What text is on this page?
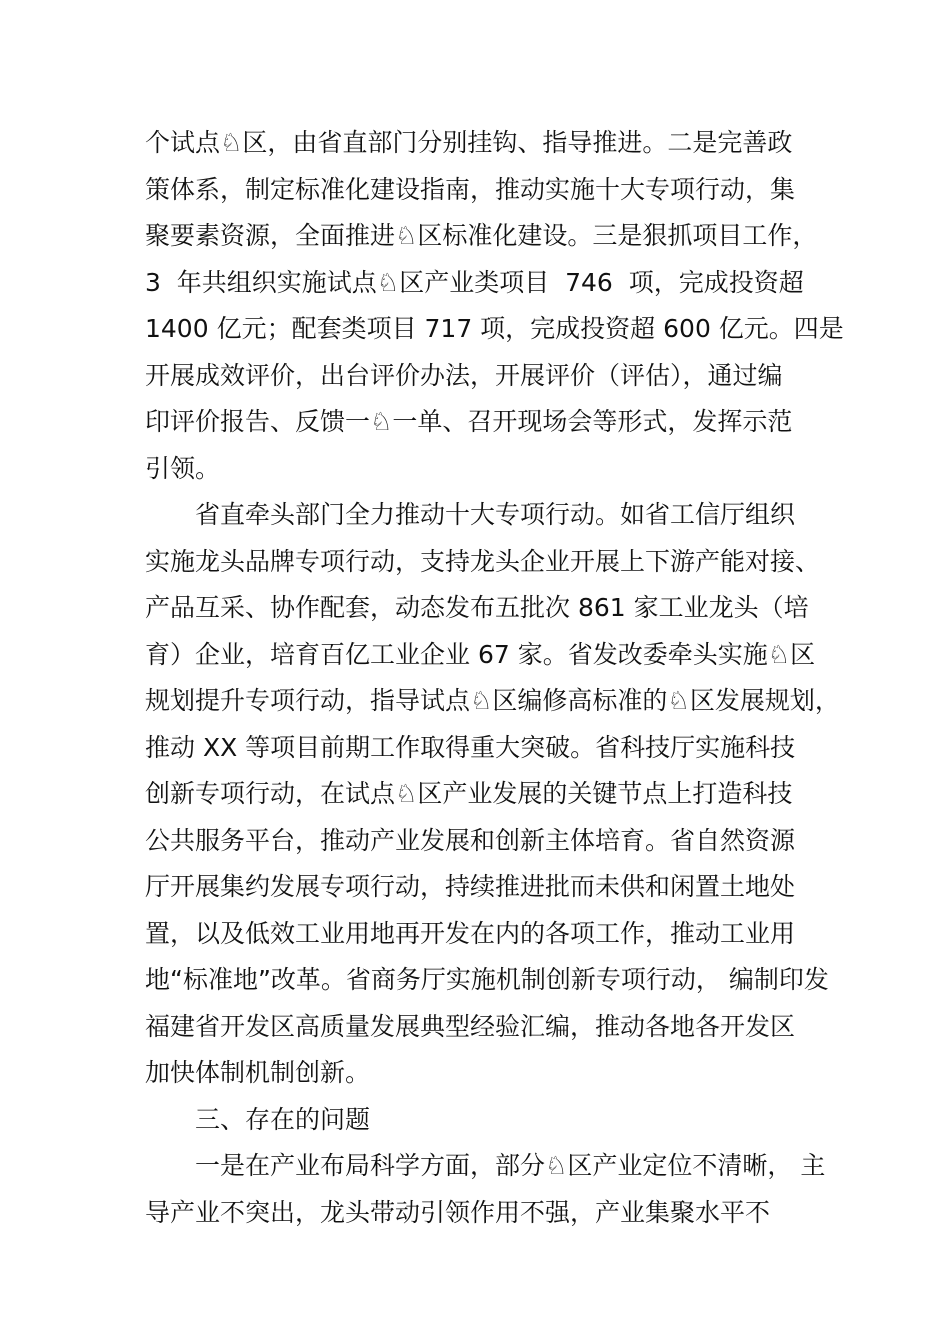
个试点♘区，由省直部门分别挂钩、指导推进。二是完善政
策体系，制定标准化建设指南，推动实施十大专项行动，集
聚要素资源，全面推进♘区标准化建设。三是狠抓项目工作，
3  年共组织实施试点♘区产业类项目  746  项，完成投资超
1400 亿元；配套类项目 717 项，完成投资超 600 亿元。四是
开展成效评价，出台评价办法，开展评价（评估），通过编
印评价报告、反馈一♘一单、召开现场会等形式，发挥示范
引领。
省直牵头部门全力推动十大专项行动。如省工信厅组织
实施龙头品牌专项行动，支持龙头企业开展上下游产能对接、
产品互采、协作配套，动态发布五批次 861 家工业龙头（培
育）企业，培育百亿工业企业 67 家。省发改委牵头实施♘区
规划提升专项行动，指导试点♘区编修高标准的♘区发展规划，
推动 XX 等项目前期工作取得重大突破。省科技厅实施科技
创新专项行动，在试点♘区产业发展的关键节点上打造科技
公共服务平台，推动产业发展和创新主体培育。省自然资源
厅开展集约发展专项行动，持续推进批而未供和闲置土地处
置，以及低效工业用地再开发在内的各项工作，推动工业用
地“标准地”改革。省商务厅实施机制创新专项行动， 编制印发
福建省开发区高质量发展典型经验汇编，推动各地各开发区
加快体制机制创新。
三、存在的问题
一是在产业布局科学方面，部分♘区产业定位不清晰， 主
导产业不突出，龙头带动引领作用不强，产业集聚水平不
